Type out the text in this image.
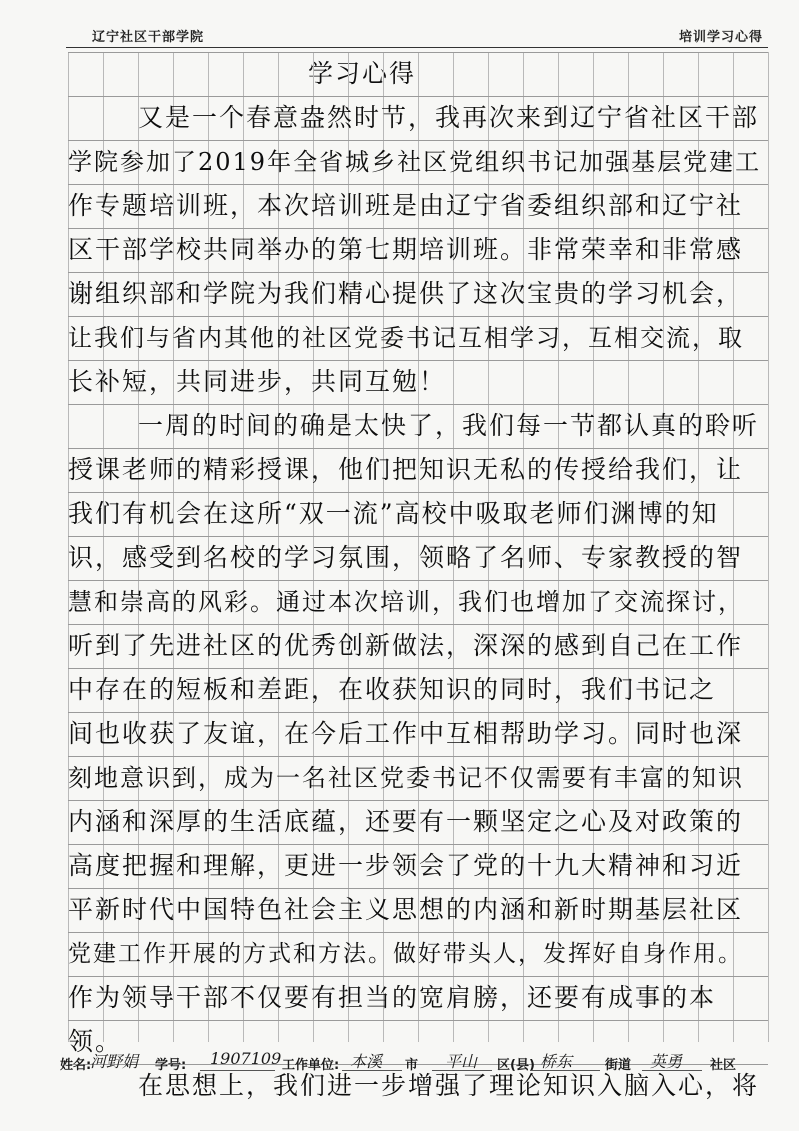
辽宁社区干部学院	培训学习心得
学习心得
又是一个春意盎然时节，我再次来到辽宁省社区干部
学院参加了2019年全省城乡社区党组织书记加强基层党建工
作专题培训班，本次培训班是由辽宁省委组织部和辽宁社
区干部学校共同举办的第七期培训班。非常荣幸和非常感
谢组织部和学院为我们精心提供了这次宝贵的学习机会，
让我们与省内其他的社区党委书记互相学习，互相交流，取
长补短，共同进步，共同互勉！
一周的时间的确是太快了，我们每一节都认真的聆听
授课老师的精彩授课，他们把知识无私的传授给我们，让
我们有机会在这所“双一流”高校中吸取老师们渊博的知
识，感受到名校的学习氛围，领略了名师、专家教授的智
慧和崇高的风彩。通过本次培训，我们也增加了交流探讨，
听到了先进社区的优秀创新做法，深深的感到自己在工作
中存在的短板和差距，在收获知识的同时，我们书记之
间也收获了友谊，在今后工作中互相帮助学习。同时也深
刻地意识到，成为一名社区党委书记不仅需要有丰富的知识
内涵和深厚的生活底蕴，还要有一颗坚定之心及对政策的
高度把握和理解，更进一步领会了党的十九大精神和习近
平新时代中国特色社会主义思想的内涵和新时期基层社区
党建工作开展的方式和方法。做好带头人，发挥好自身作用。
作为领导干部不仅要有担当的宽肩膀，还要有成事的本
领。
在思想上，我们进一步增强了理论知识入脑入心，将
姓名:
河野娟 学号: 1907109 工作单位: 本溪 市 平山 区(县) 桥东	街道 英勇 社区
